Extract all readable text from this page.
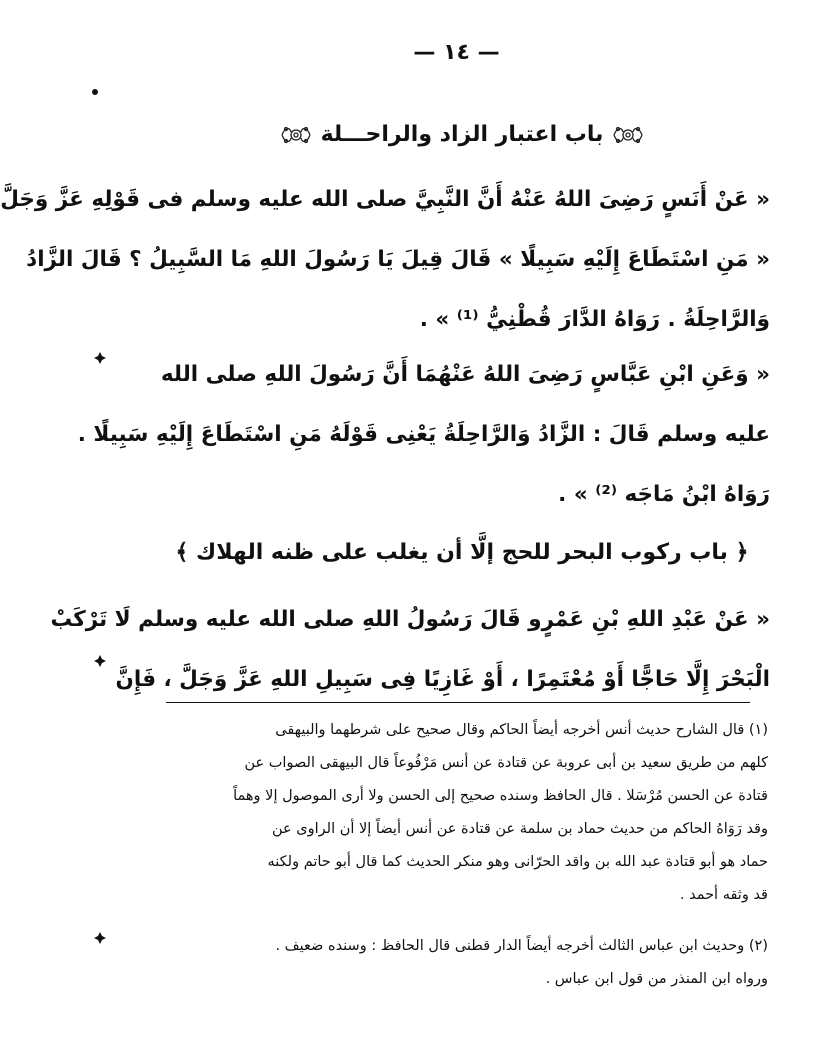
— ١٤ —
باب اعتبار الزاد والراحـــلة
« عَنْ أَنَسٍ رَضِىَ اللهُ عَنْهُ أَنَّ النَّبِيَّ صلى الله عليه وسلم فى قَوْلِهِ عَزَّ وَجَلَّ
« مَنِ اسْتَطَاعَ إِلَيْهِ سَبِيلًا » قَالَ قِيلَ يَا رَسُولَ اللهِ مَا السَّبِيلُ ؟ قَالَ الزَّادُ
وَالرَّاحِلَةُ . رَوَاهُ الدَّارَ قُطْنِيُّ ⁽¹⁾ » .
« وَعَنِ ابْنِ عَبَّاسٍ رَضِىَ اللهُ عَنْهُمَا أَنَّ رَسُولَ اللهِ صلى الله
عليه وسلم قَالَ : الزَّادُ وَالرَّاحِلَةُ يَعْنِى قَوْلَهُ مَنِ اسْتَطَاعَ إِلَيْهِ سَبِيلًا .
رَوَاهُ ابْنُ مَاجَه ⁽²⁾ » .
﴿ باب ركوب البحر للحج إلَّا أن يغلب على ظنه الهلاك ﴾
« عَنْ عَبْدِ اللهِ بْنِ عَمْرٍو قَالَ رَسُولُ اللهِ صلى الله عليه وسلم لَا تَرْكَبْ
الْبَحْرَ إِلَّا حَاجًّا أَوْ مُعْتَمِرًا ، أَوْ غَازِيًا فِى سَبِيلِ اللهِ عَزَّ وَجَلَّ ، فَإِنَّ
(١) قال الشارح حديث أنس أخرجه أيضاً الحاكم وقال صحيح على شرطهما والبيهقى
كلهم من طريق سعيد بن أبى عروبة عن قتادة عن أنس مَرْفُوعاً قال البيهقى الصواب عن
قتادة عن الحسن مُرْسَلا . قال الحافظ وسنده صحيح إلى الحسن ولا أرى الموصول إلا وهماً
وقد رَوَاهُ الحاكم من حديث حماد بن سلمة عن قتادة عن أنس أيضاً إلا أن الراوى عن
حماد هو أبو قتادة عبد الله بن واقد الحرّانى وهو منكر الحديث كما قال أبو حاتم ولكنه
قد وثقه أحمد .
(٢) وحديث ابن عباس الثالث أخرجه أيضاً الدار قطنى قال الحافظ : وسنده ضعيف .
ورواه ابن المنذر من قول ابن عباس .
